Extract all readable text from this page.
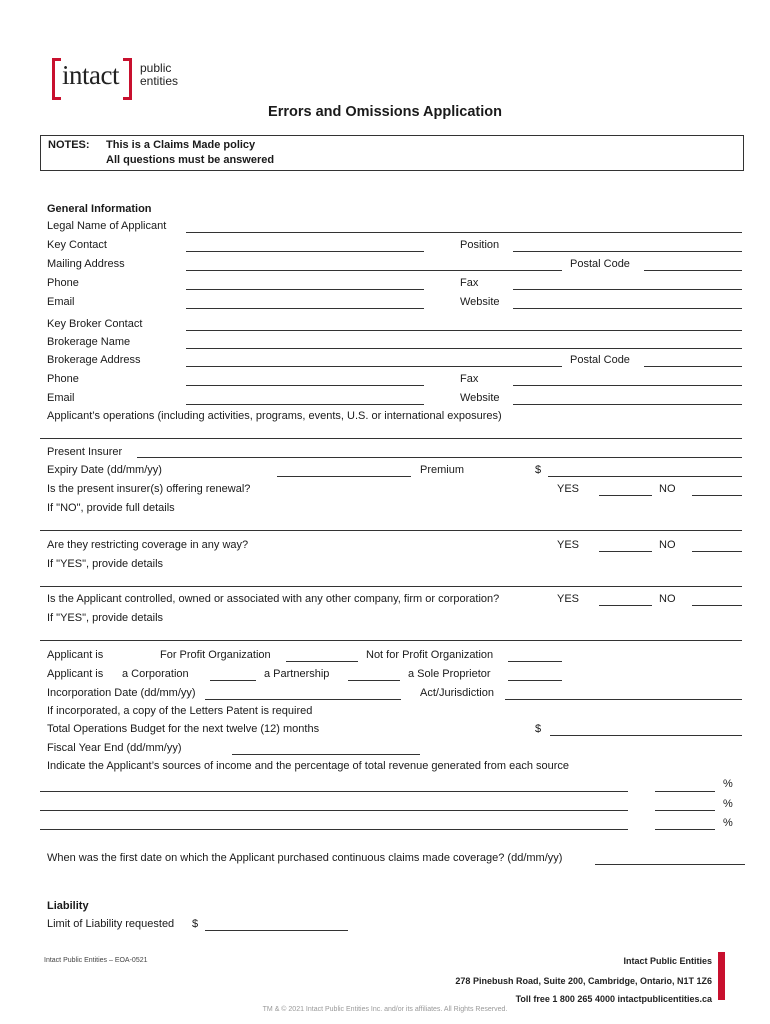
intact public
entities
Errors and Omissions Application
NOTES: This is a Claims Made policy
All questions must be answered
General Information
Legal Name of Applicant
Key Contact	Position
Mailing Address	Postal Code
Phone	Fax
Email	Website
Key Broker Contact
Brokerage Name
Brokerage Address	Postal Code
Phone	Fax
Email	Website
Applicant’s operations (including activities, programs, events, U.S. or international exposures)
Present Insurer
Expiry Date (dd/mm/yy)	Premium	$
Is the present insurer(s) offering renewal?	YES	NO
If "NO", provide full details
Are they restricting coverage in any way?	YES	NO
If "YES", provide details
Is the Applicant controlled, owned or associated with any other company, firm or corporation?	YES	NO
If "YES", provide details
Applicant is	For Profit Organization	Not for Profit Organization
Applicant is a Corporation	a Partnership	a Sole Proprietor
Incorporation Date (dd/mm/yy)	Act/Jurisdiction
If incorporated, a copy of the Letters Patent is required
Total Operations Budget for the next twelve (12) months	$
Fiscal Year End (dd/mm/yy)
Indicate the Applicant’s sources of income and the percentage of total revenue generated from each source
%
%
%
When was the first date on which the Applicant purchased continuous claims made coverage? (dd/mm/yy)
Liability
Limit of Liability requested $
Intact Public Entities – EOA-0521	Intact Public Entities
278 Pinebush Road, Suite 200, Cambridge, Ontario, N1T 1Z6
Toll free 1 800 265 4000 intactpublicentities.ca
TM & © 2021 Intact Public Entities Inc. and/or its affiliates. All Rights Reserved.
